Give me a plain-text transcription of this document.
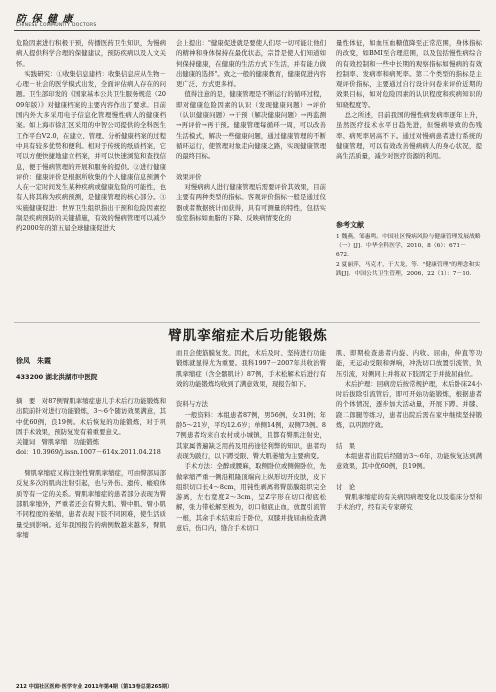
防 保 健 康
CHINESE COMMUNITY DOCTORS
危险因素进行积极干预，传播医药卫生知识，为慢病病人提供科学合理的保健建议，预防疾病以及人文关怀。
实践研究：①收集信息建档：收集信息应从生物－心理－社会的医学模式出发，全面评估病人存在的问题。卫生部印发的《国家基本公共卫生服务规范（2009年版）》对健康档案的主要内容作出了要求。目前国内外大多采用电子信息化管理慢性病人的健康档案。如上海市徐汇区采用的中智公司提供的全科医生工作平台V2.0，在建立、管理、分析健康档案的过程中具有较多优势和便利。相对于传统的纸质档案，它可以方便快捷地建立档案，并可以快速浏览和查找信息，便于慢病管理的开展和服务的提供。②进行健康评价：健康评价是根据所收集的个人健康信息预测个人在一定时间发生某种疾病或健康危险的可能性，也有人将其称为疾病预测，是健康管理的核心部分。③实施健康促进：世界卫生组织指出干预和危险因素控制是疾病预防的关键措施，有效的慢病管理可以减少约2000年的第五届全球健康促进大
会上提出："健康促进就是要使人们尽一切可能让他们的精神和身体保持在最优状态，宗旨是使人们知道如何保持健康，在健康的生活方式下生活，并有能力做出健康的选择"。致之一般的健康教育，健康促进内容更广泛、方式更多样。
值得注意的是，健康管理是不断运行的循环过程，即对健康危险因素的认识（发现健康问题）→评价（认识健康问题）→干预（解决健康问题）→再监测→再评价→再干预。健康管理每循环一周，可以改善生活模式，解决一些健康问题，通过健康管理的不断循环运行，使管理对象走向健康之路，实现健康管理的最终目标。

效果评价
对慢病病人进行健康管理后需要评价其效果，目前主要有两种类型的指标。客观评价指标一般是通过仪器或者数据统计而获得，具有可测量的特性，包括实验室指标如血脂的下降、反映病情变化的
量性体征，如血压血糖值降至正常范围，身体指标的改变，如BMI至合理范围，以及包括慢性病综合的有效控制和一些中长期的观察指标如慢病的有效控制率、发病率和病死率。第二个类型的指标是主观评价指标，主要通过自行设计问卷来评价近期的效果目标，如对危险因素的认识程度和疾病知识的知晓程度等。
总之所述，目前我国的慢性病发病率逐年上升，虽然医疗技术水平日趋先进，但慢病导致的伤残率、病死率居高不下。通过对慢病患者进行系统的健康管理，可以有效改善慢病病人的身心状况，提高生活质量，减少对医疗资源的利用。
参考文献
1 魏燕，邹惠鸣。中国社区慢病风险与健康管理发展战略（一）[J]．中华全科医学，2010，8（6）：671－672．
2 夏丽萍，马克才，于大龙，等．"健康管理"的理念和实践[J]．中国公共卫生管理，2006，22（1）：7－10．
臂肌挛缩症术后功能锻炼
徐凤　朱霞
433200 湖北洪湖市中医院
摘　要　对87例臂肌挛缩症患儿手术后行功能锻炼和出院前针对进行功能锻炼，3～6个随访效果满意，其中优60例，良19例。术后恢复的功能锻炼，对于巩固手术效果，预防复发有着重要意义。
关键词　臂肌挛缩　功能锻炼
doi：10.3969/j.issn.1007－614x.2011.04.218

臂肌挛缩症又称注射性臂肌挛缩症，可由臀部局部反复多次的肌肉注射引起，也与外伤、遗传、瘢痕体质等有一定的关系。臂肌挛缩症的患者部分表现为臀部肌挛缩外，严重者还会有臀大肌、臀中肌、臂小肌不同程度的萎缩，患者表现下肢不同困难，使生活质量受到影响。近年我国报告的病例数越来越多，臂肌挛缩
而且会使筋膜复发。因此，术后及时、坚持进行功能锻炼就显得尤为重要。我科1997－2007年共收治臀肌挛缩症（含全髂肌计）87例，手术松解术后进行有效的功能锻炼均收到了满意效果，现报告如下。

资料与方法
一般资料：本组患者87例，男56例，女31例；年龄5～21岁，平均12.6岁；单侧14例，双侧73例。87例患者均来自农村或小城镇，且都有臀肌注射史，其家属普遍缺乏用药及用药途径利弊的知识，患者均表现为跛行，以下蹲受限、臀大肌萎缩为主要病变。
手术方法：全醉或腰麻，取侧卧位或侧俯卧位，先做挛缩严重一侧沿粗隆顶端向上纵形切开皮肤，皮下组织切口长4～8cm，用钝性剥离将臀筋膜组织完全游离，左右宽度2～3cm，呈Z字形在切口彻底松解，张力带松解至极为，切口彻底止血，放置引流管一根，其余手术结束后于卧位，双膝并拢屈曲检查满意后，伤口内，缝合手术切口
肌、即期检查患者内旋、内收、屈曲，伸直等功能，无运动受限和弹响，冲洗切口放置引流管，负压引流，对侧同上并将双下肢固定于并拢屈曲位。
术后护理：回病房后按常规护理，术后卧床24小时后拔除引流管后，即可开始功能锻炼，根据患者的个体情况，逐步加大活动量，开展下蹲、并膝、跷二郎腿等练习，患者出院后需在家中继续坚持锻炼，以巩固疗效。

结　果
本组患者出院后经随访3～6年，功能恢复达到满意效果，其中优60例，良19例。

讨　论
臂肌挛缩症的有关病因病理变化以及临床分型和手术治疗，经有关专家研究
212 中国社区医师·医学专业 2011年第4期（第13卷总第265期）
